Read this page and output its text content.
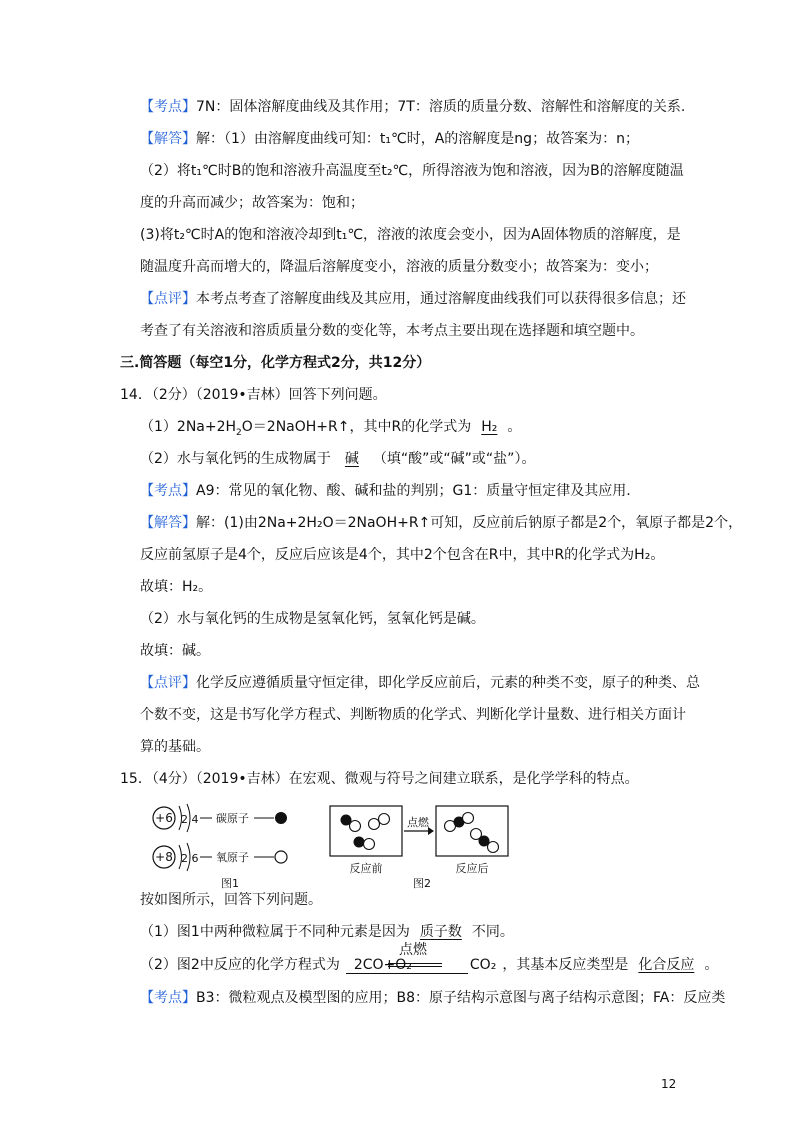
【考点】7N：固体溶解度曲线及其作用；7T：溶质的质量分数、溶解性和溶解度的关系.
【解答】解：（1）由溶解度曲线可知：t₁℃时，A的溶解度是ng；故答案为：n；
（2）将t₁℃时B的饱和溶液升高温度至t₂℃，所得溶液为饱和溶液，因为B的溶解度随温
度的升高而减少；故答案为：饱和；
(3)将t₂℃时A的饱和溶液冷却到t₁℃，溶液的浓度会变小，因为A固体物质的溶解度，是
随温度升高而增大的，降温后溶解度变小，溶液的质量分数变小；故答案为：变小；
【点评】本考点考查了溶解度曲线及其应用，通过溶解度曲线我们可以获得很多信息；还
考查了有关溶液和溶质质量分数的变化等，本考点主要出现在选择题和填空题中。
三.简答题（每空1分，化学方程式2分，共12分）
14．（2分）（2019•吉林）回答下列问题。
$(1)2Na+2H_2O=2NaOH+R↑$，其中R的化学式为 H₂ 。
（2）水与氧化钙的生成物属于 碱 （填“酸”或“碱”或“盐”）。
【考点】A9：常见的氧化物、酸、碱和盐的判别；G1：质量守恒定律及其应用.
【解答】解：(1)由2Na+2H₂O＝2NaOH+R↑可知，反应前后钠原子都是2个，氧原子都是2个，
反应前氢原子是4个，反应后应该是4个，其中2个包含在R中，其中R的化学式为H₂。
故填：H₂。
（2）水与氧化钙的生成物是氢氧化钙，氢氧化钙是碱。
故填：碱。
【点评】化学反应遵循质量守恒定律，即化学反应前后，元素的种类不变，原子的种类、总
个数不变，这是书写化学方程式、判断物质的化学式、判断化学计量数、进行相关方面计
算的基础。
15．（4分）（2019•吉林）在宏观、微观与符号之间建立联系，是化学学科的特点。
+6 2 4 碳原子
+8 2 6 氧原子
图1
反应前
点燃
反应后
图2
按如图所示，回答下列问题。
（1）图1中两种微粒属于不同种元素是因为 质子数 不同。
（2）图2中反应的化学方程式为 2CO+O₂	CO₂ ，其基本反应类型是 化合反应 。
点燃
【考点】B3：微粒观点及模型图的应用；B8：原子结构示意图与离子结构示意图；FA：反应类
12
